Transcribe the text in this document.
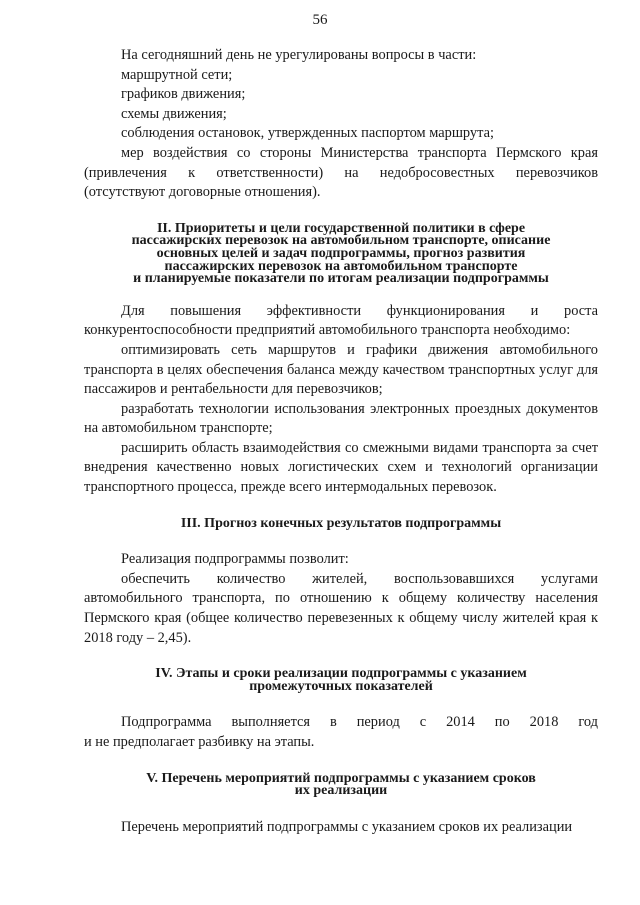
56

На сегодняшний день не урегулированы вопросы в части:

маршрутной сети;

графиков движения;

схемы движения;

соблюдения остановок, утвержденных паспортом маршрута;

мер воздействия со стороны Министерства транспорта Пермского края

(привлечения к ответственности) на недобросовестных перевозчиков

(отсутствуют договорные отношения).

II. Приоритеты и цели государственной политики в сфере
пассажирских перевозок на автомобильном транспорте, описание
основных целей и задач подпрограммы, прогноз развития
пассажирских перевозок на автомобильном транспорте
и планируемые показатели по итогам реализации подпрограммы

Для повышения эффективности функционирования и роста

конкурентоспособности предприятий автомобильного транспорта необходимо:

оптимизировать сеть маршрутов и графики движения автомобильного транспорта в целях обеспечения баланса между качеством транспортных услуг для пассажиров и рентабельности для перевозчиков;

разработать технологии использования электронных проездных документов на автомобильном транспорте;

расширить область взаимодействия со смежными видами транспорта за счет внедрения качественно новых логистических схем и технологий организации транспортного процесса, прежде всего интермодальных перевозок.

III. Прогноз конечных результатов подпрограммы

Реализация подпрограммы позволит:

обеспечить количество жителей, воспользовавшихся услугами автомобильного транспорта, по отношению к общему количеству населения Пермского края (общее количество перевезенных к общему числу жителей края к 2018 году – 2,45).

IV. Этапы и сроки реализации подпрограммы с указанием
промежуточных показателей

Подпрограмма выполняется в период с 2014 по 2018 год

и не предполагает разбивку на этапы.

V. Перечень мероприятий подпрограммы с указанием сроков
их реализации

Перечень мероприятий подпрограммы с указанием сроков их реализации
